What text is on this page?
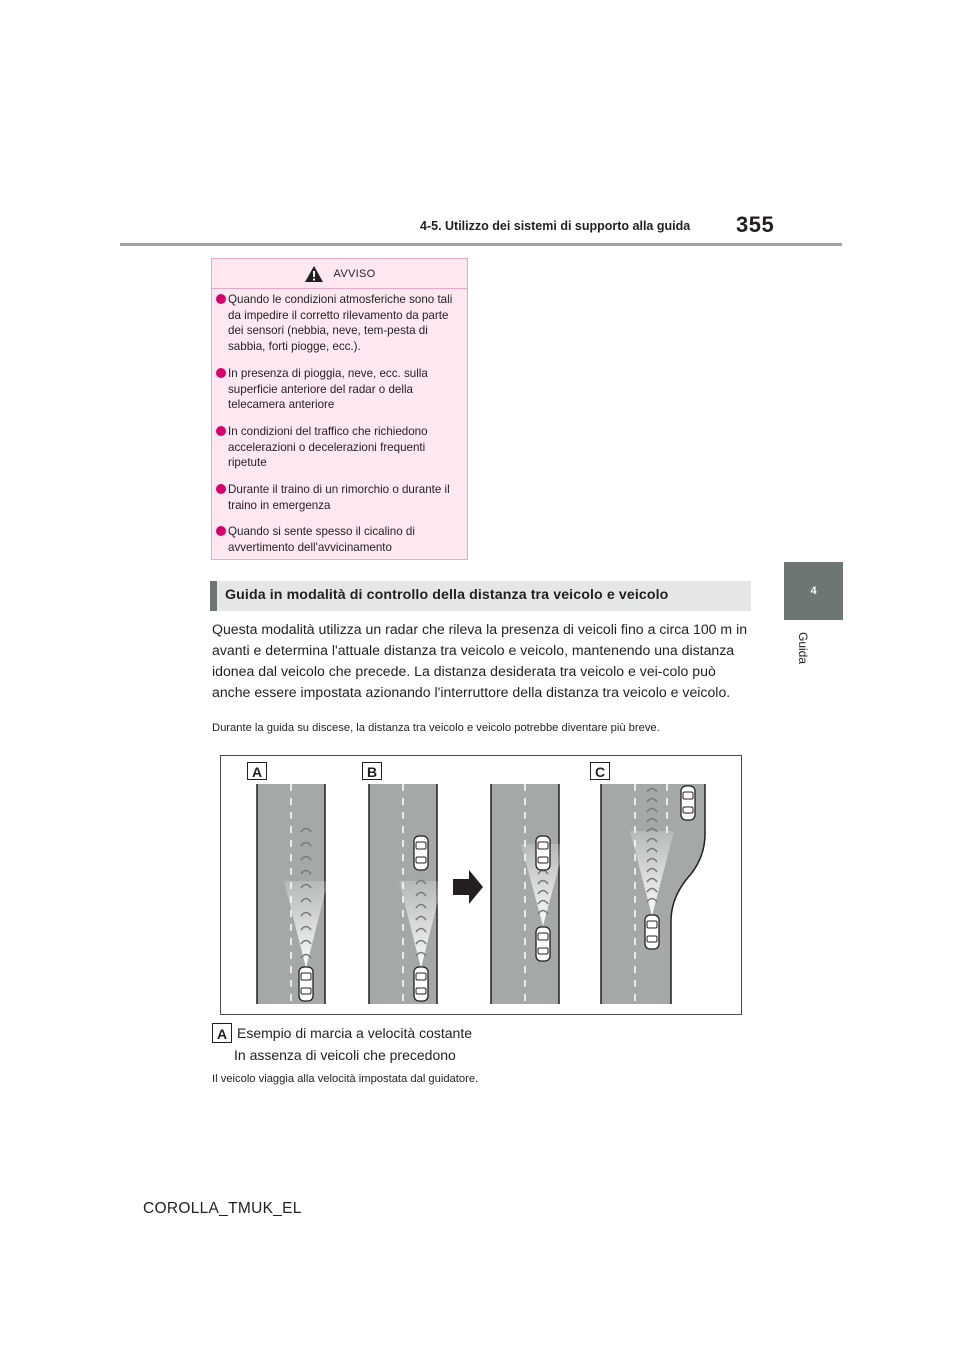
4-5. Utilizzo dei sistemi di supporto alla guida 355
4
Guida
AVVISO
Quando le condizioni atmosferiche sono tali da impedire il corretto rilevamento da parte dei sensori (nebbia, neve, tem-pesta di sabbia, forti piogge, ecc.).
In presenza di pioggia, neve, ecc. sulla superficie anteriore del radar o della telecamera anteriore
In condizioni del traffico che richiedono accelerazioni o decelerazioni frequenti ripetute
Durante il traino di un rimorchio o durante il traino in emergenza
Quando si sente spesso il cicalino di avvertimento dell'avvicinamento
Guida in modalità di controllo della distanza tra veicolo e veicolo
Questa modalità utilizza un radar che rileva la presenza di veicoli fino a circa 100 m in avanti e determina l'attuale distanza tra veicolo e veicolo, mantenendo una distanza idonea dal veicolo che precede. La distanza desiderata tra veicolo e vei-colo può anche essere impostata azionando l'interruttore della distanza tra veicolo e veicolo.
Durante la guida su discese, la distanza tra veicolo e veicolo potrebbe diventare più breve.
A	B	C
A Esempio di marcia a velocità costante
In assenza di veicoli che precedono
Il veicolo viaggia alla velocità impostata dal guidatore.
COROLLA_TMUK_EL
